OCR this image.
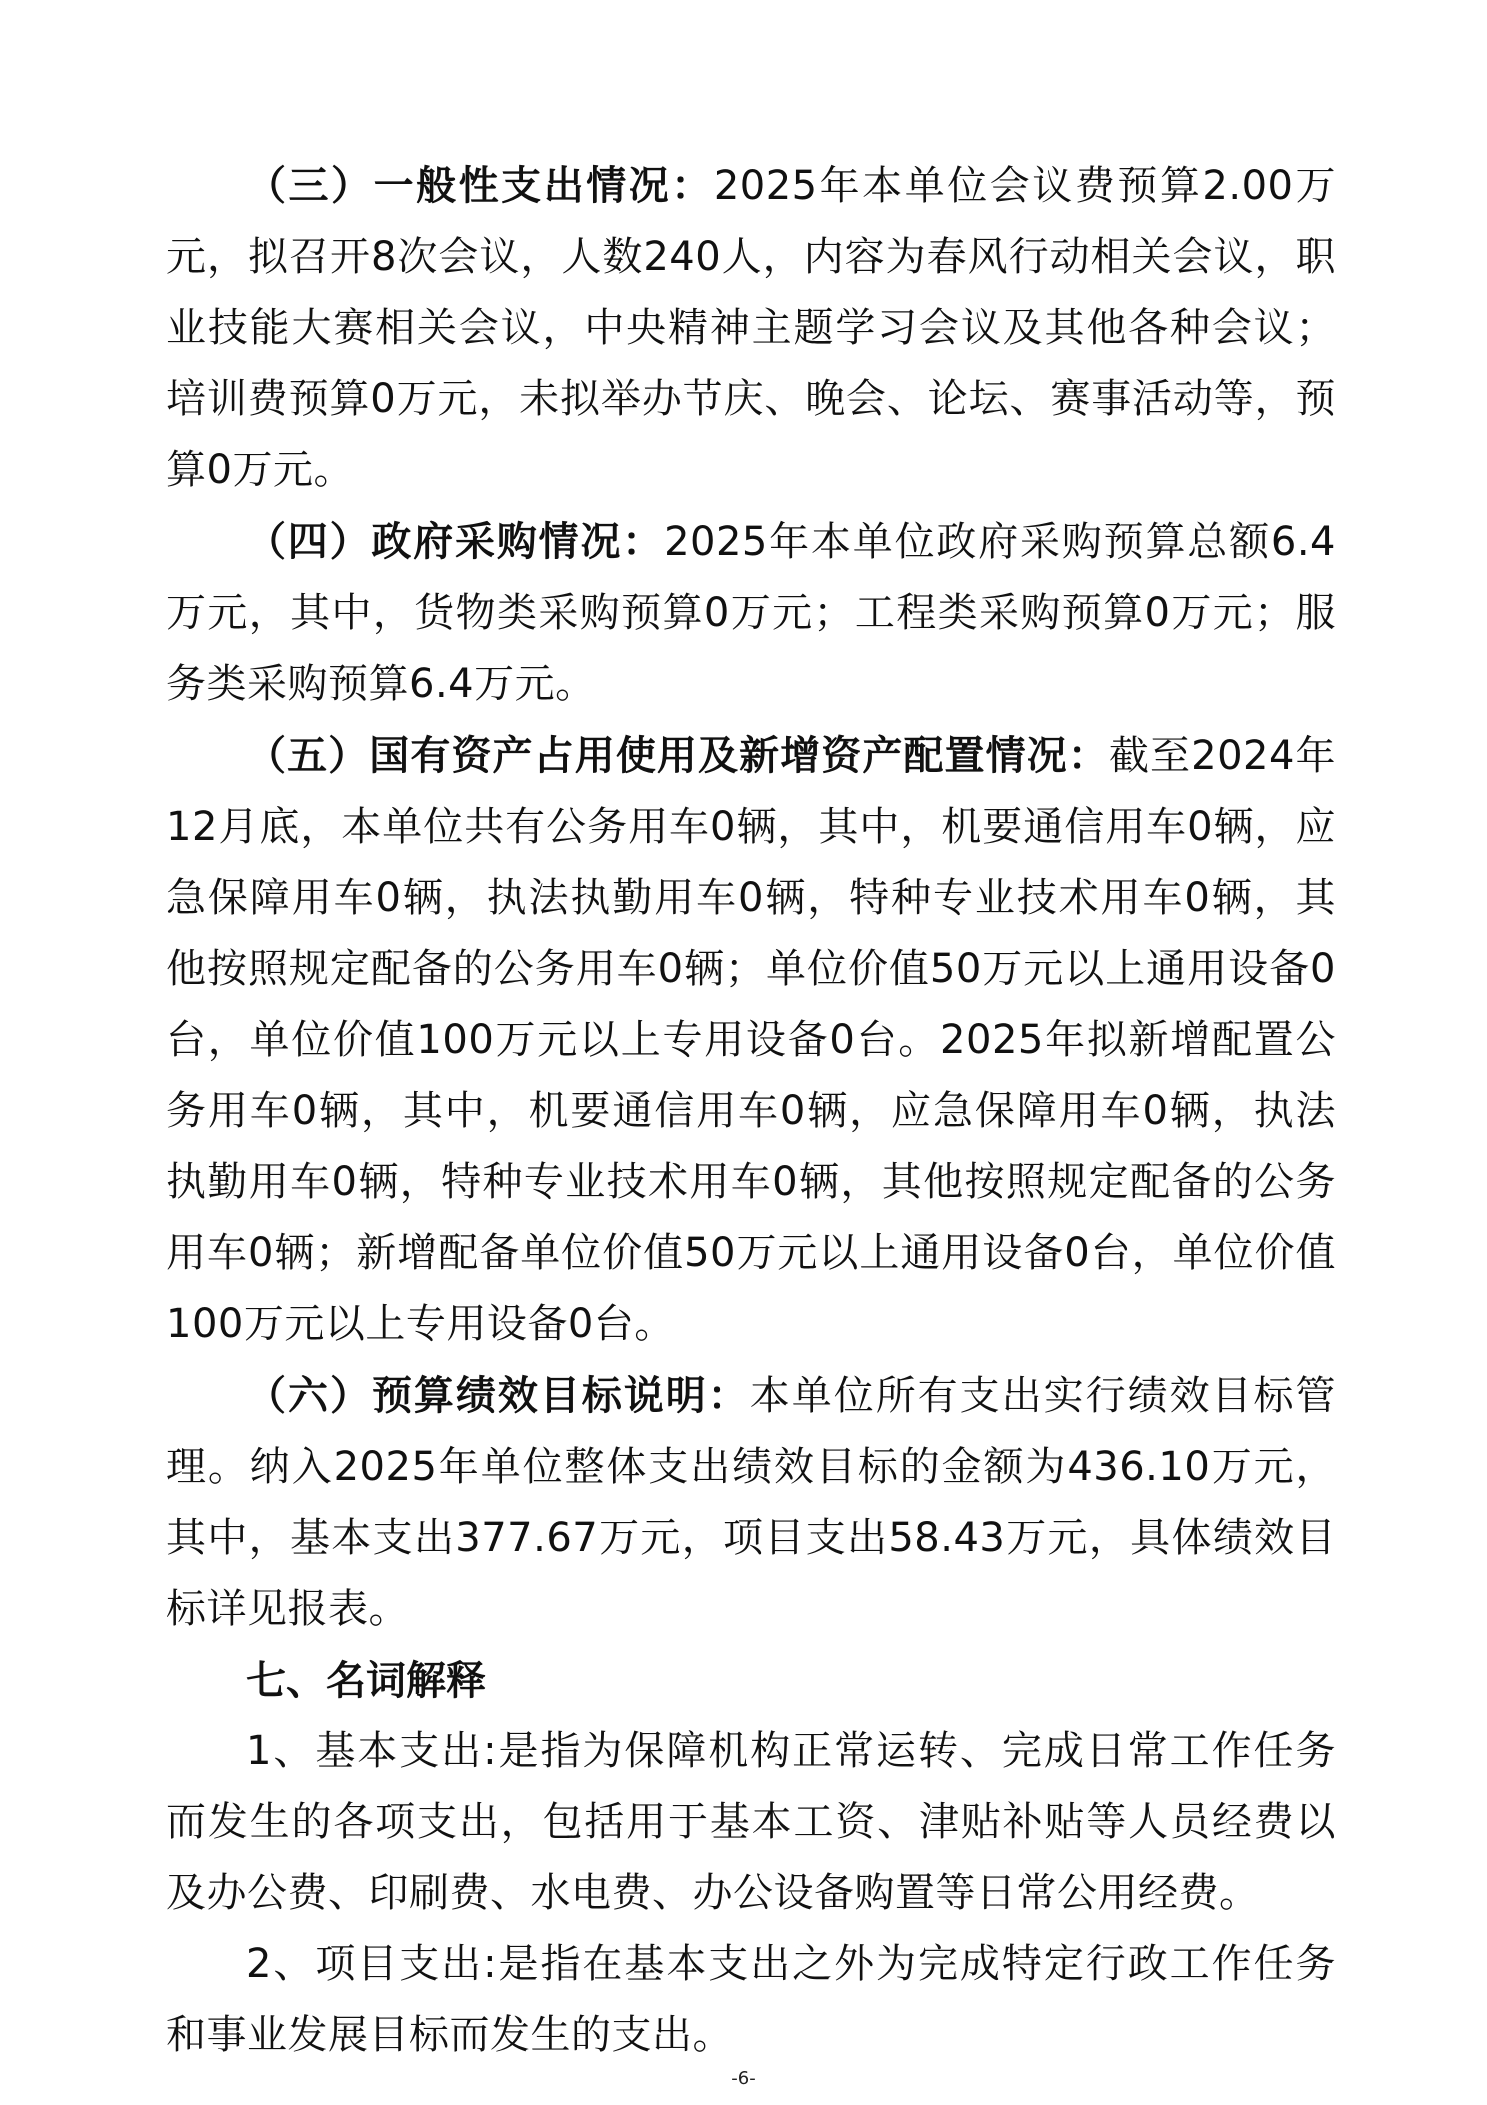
（三）一般性支出情况：2025年本单位会议费预算2.00万元，拟召开8次会议，人数240人，内容为春风行动相关会议，职业技能大赛相关会议，中央精神主题学习会议及其他各种会议；培训费预算0万元，未拟举办节庆、晚会、论坛、赛事活动等，预算0万元。

（四）政府采购情况：2025年本单位政府采购预算总额6.4万元，其中，货物类采购预算0万元；工程类采购预算0万元；服务类采购预算6.4万元。

（五）国有资产占用使用及新增资产配置情况：截至2024年12月底，本单位共有公务用车0辆，其中，机要通信用车0辆，应急保障用车0辆，执法执勤用车0辆，特种专业技术用车0辆，其他按照规定配备的公务用车0辆；单位价值50万元以上通用设备0台，单位价值100万元以上专用设备0台。2025年拟新增配置公务用车0辆，其中，机要通信用车0辆，应急保障用车0辆，执法执勤用车0辆，特种专业技术用车0辆，其他按照规定配备的公务用车0辆；新增配备单位价值50万元以上通用设备0台，单位价值100万元以上专用设备0台。

（六）预算绩效目标说明：本单位所有支出实行绩效目标管理。纳入2025年单位整体支出绩效目标的金额为436.10万元，其中，基本支出377.67万元，项目支出58.43万元，具体绩效目标详见报表。

七、名词解释

1、基本支出:是指为保障机构正常运转、完成日常工作任务而发生的各项支出，包括用于基本工资、津贴补贴等人员经费以及办公费、印刷费、水电费、办公设备购置等日常公用经费。

2、项目支出:是指在基本支出之外为完成特定行政工作任务和事业发展目标而发生的支出。

-6-
